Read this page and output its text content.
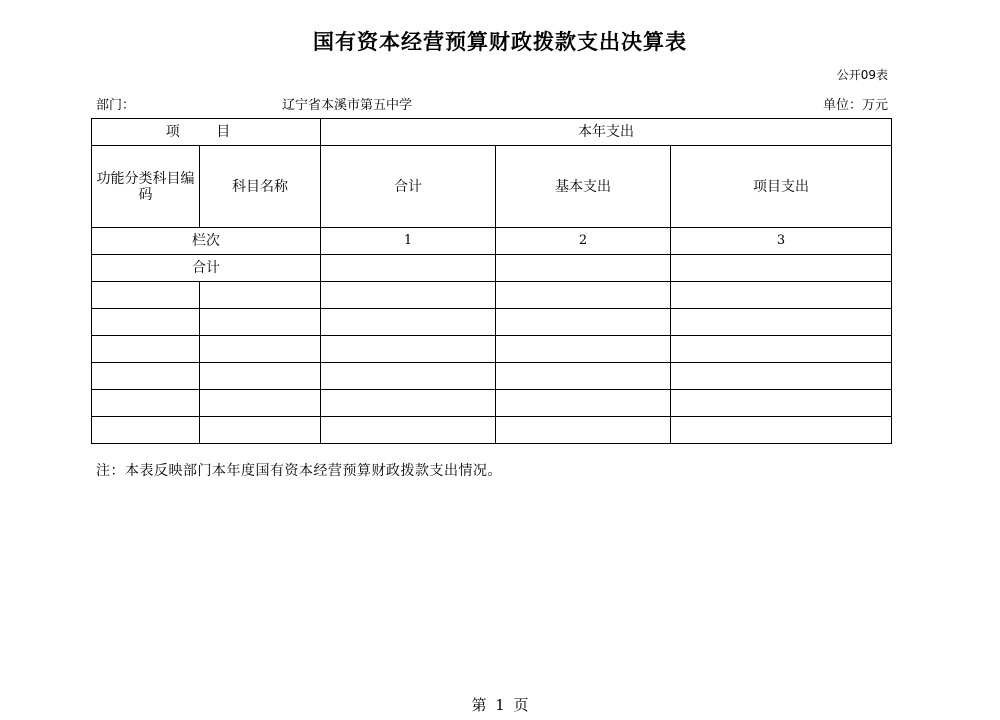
国有资本经营预算财政拨款支出决算表
公开09表
部门：	辽宁省本溪市第五中学	单位：万元
项 目		本年支出		
功能分类科目编码	科目名称	合计	基本支出	项目支出
栏次		1	2	3
合计				

注：本表反映部门本年度国有资本经营预算财政拨款支出情况。
第 1 页
